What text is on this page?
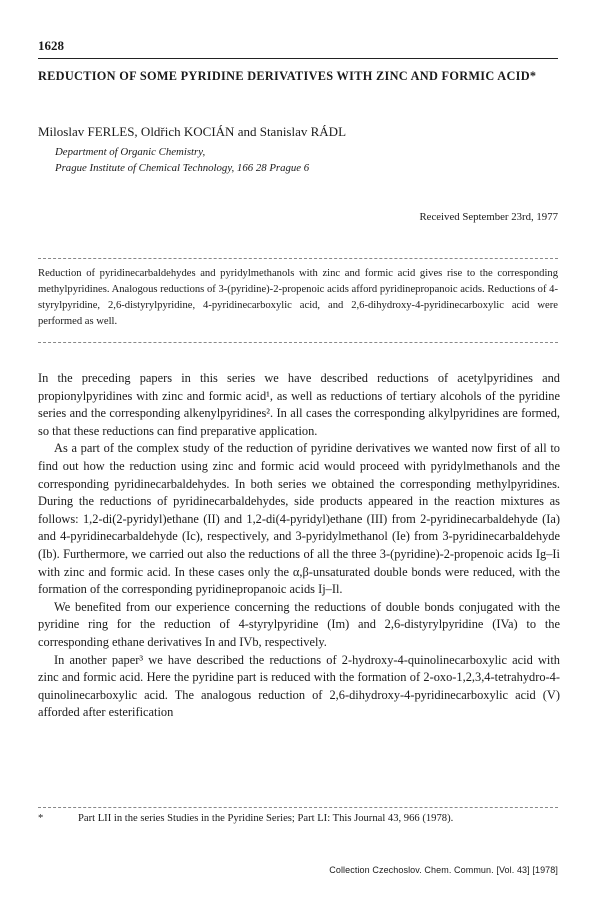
1628
REDUCTION OF SOME PYRIDINE DERIVATIVES WITH ZINC AND FORMIC ACID*
Miloslav FERLES, Oldřich KOCIÁN and Stanislav RÁDL
Department of Organic Chemistry,
Prague Institute of Chemical Technology, 166 28 Prague 6
Received September 23rd, 1977
Reduction of pyridinecarbaldehydes and pyridylmethanols with zinc and formic acid gives rise to the corresponding methylpyridines. Analogous reductions of 3-(pyridine)-2-propenoic acids afford pyridinepropanoic acids. Reductions of 4-styrylpyridine, 2,6-distyrylpyridine, 4-pyridinecarboxylic acid, and 2,6-dihydroxy-4-pyridinecarboxylic acid were performed as well.

In the preceding papers in this series we have described reductions of acetylpyridines and propionylpyridines with zinc and formic acid¹, as well as reductions of tertiary alcohols of the pyridine series and the corresponding alkenylpyridines². In all cases the corresponding alkylpyridines are formed, so that these reductions can find preparative application.

As a part of the complex study of the reduction of pyridine derivatives we wanted now first of all to find out how the reduction using zinc and formic acid would proceed with pyridylmethanols and the corresponding pyridinecarbaldehydes. In both series we obtained the corresponding methylpyridines. During the reductions of pyridinecarbaldehydes, side products appeared in the reaction mixtures as follows: 1,2-di(2-pyridyl)ethane (II) and 1,2-di(4-pyridyl)ethane (III) from 2-pyridinecarbaldehyde (Ia) and 4-pyridinecarbaldehyde (Ic), respectively, and 3-pyridylmethanol (Ie) from 3-pyridinecarbaldehyde (Ib). Furthermore, we carried out also the reductions of all the three 3-(pyridine)-2-propenoic acids Ig–Ii with zinc and formic acid. In these cases only the α,β-unsaturated double bonds were reduced, with the formation of the corresponding pyridinepropanoic acids Ij–Il.

We benefited from our experience concerning the reductions of double bonds conjugated with the pyridine ring for the reduction of 4-styrylpyridine (Im) and 2,6-distyrylpyridine (IVa) to the corresponding ethane derivatives In and IVb, respectively.

In another paper³ we have described the reductions of 2-hydroxy-4-quinolinecarboxylic acid with zinc and formic acid. Here the pyridine part is reduced with the formation of 2-oxo-1,2,3,4-tetrahydro-4-quinolinecarboxylic acid. The analogous reduction of 2,6-dihydroxy-4-pyridinecarboxylic acid (V) afforded after esterification

*	Part LII in the series Studies in the Pyridine Series; Part LI: This Journal 43, 966 (1978).
Collection Czechoslov. Chem. Commun. [Vol. 43] [1978]
